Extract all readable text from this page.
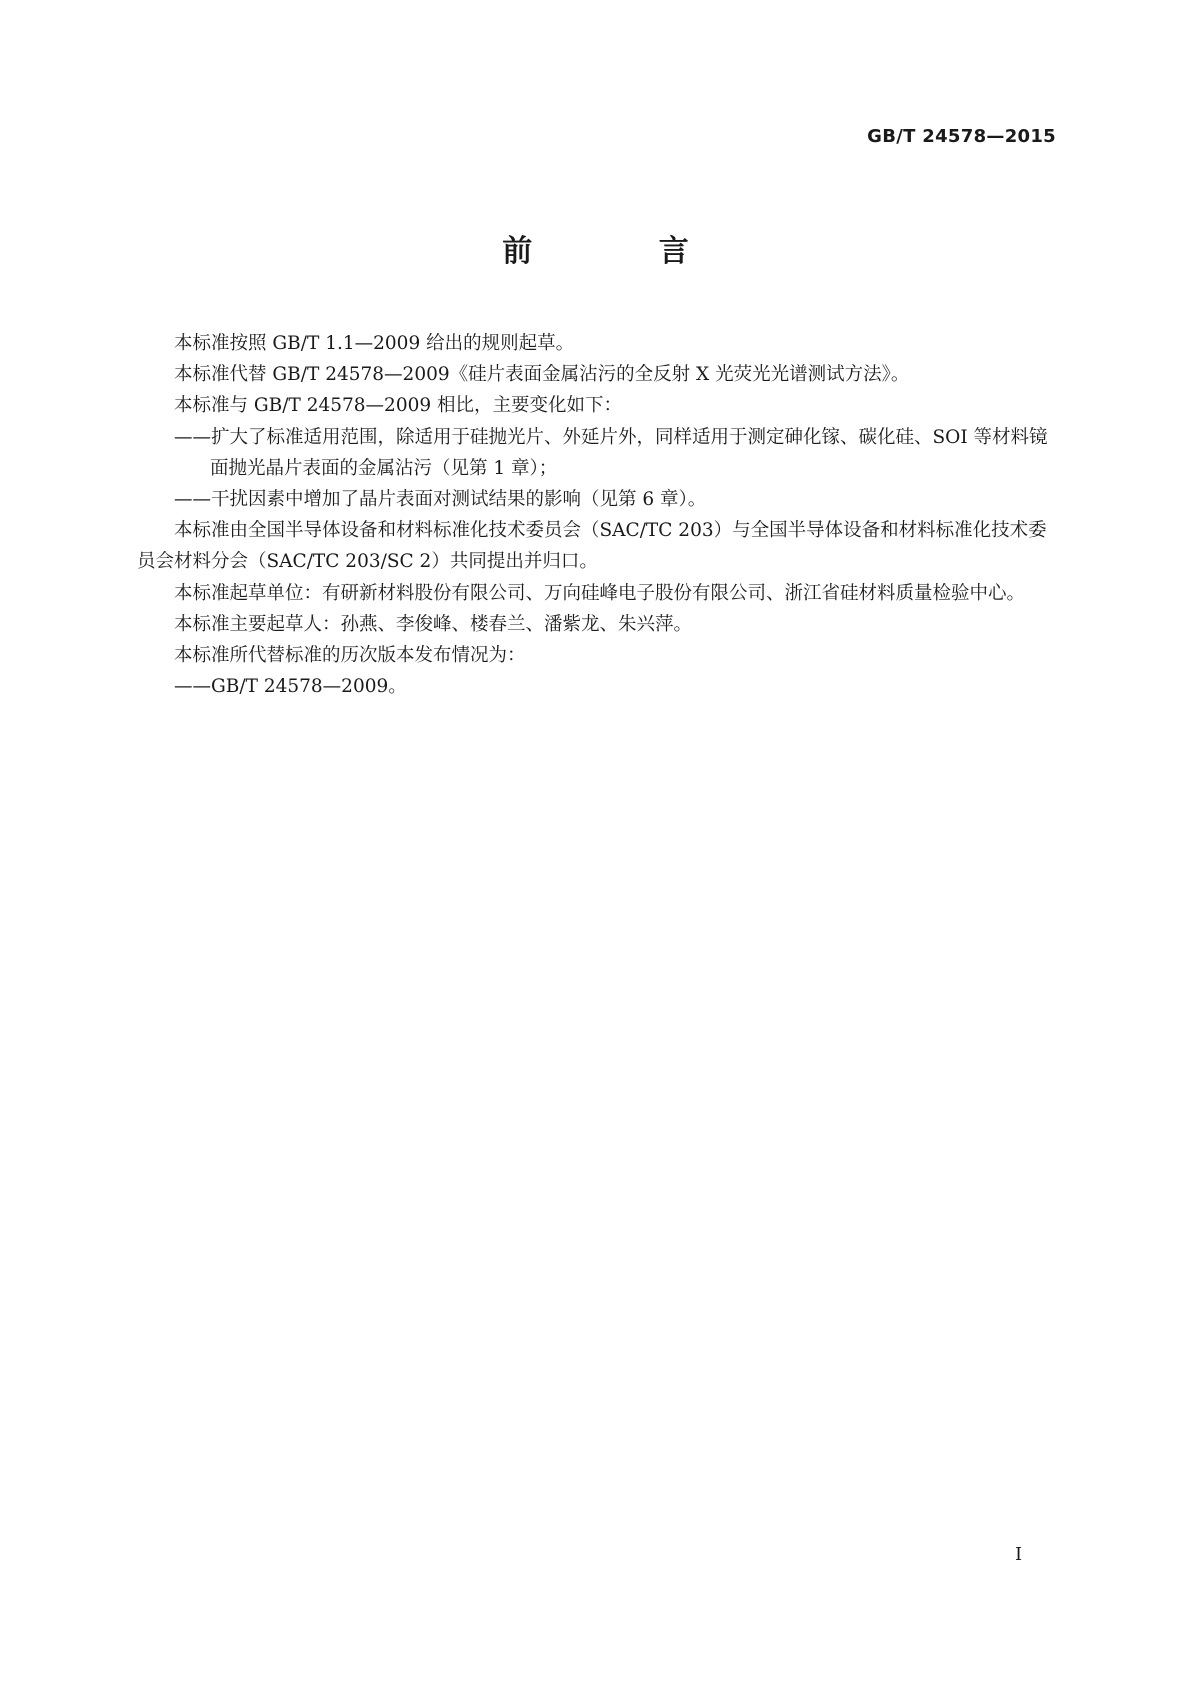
GB/T 24578—2015
前 言

本标准按照 GB/T 1.1—2009 给出的规则起草。

本标准代替 GB/T 24578—2009《硅片表面金属沾污的全反射 X 光荧光光谱测试方法》。

本标准与 GB/T 24578—2009 相比，主要变化如下：

——扩大了标准适用范围，除适用于硅抛光片、外延片外，同样适用于测定砷化镓、碳化硅、SOI 等材料镜面抛光晶片表面的金属沾污（见第 1 章）；

——干扰因素中增加了晶片表面对测试结果的影响（见第 6 章）。

本标准由全国半导体设备和材料标准化技术委员会（SAC/TC 203）与全国半导体设备和材料标准化技术委员会材料分会（SAC/TC 203/SC 2）共同提出并归口。

本标准起草单位：有研新材料股份有限公司、万向硅峰电子股份有限公司、浙江省硅材料质量检验中心。

本标准主要起草人：孙燕、李俊峰、楼春兰、潘紫龙、朱兴萍。

本标准所代替标准的历次版本发布情况为：

——GB/T 24578—2009。

I
